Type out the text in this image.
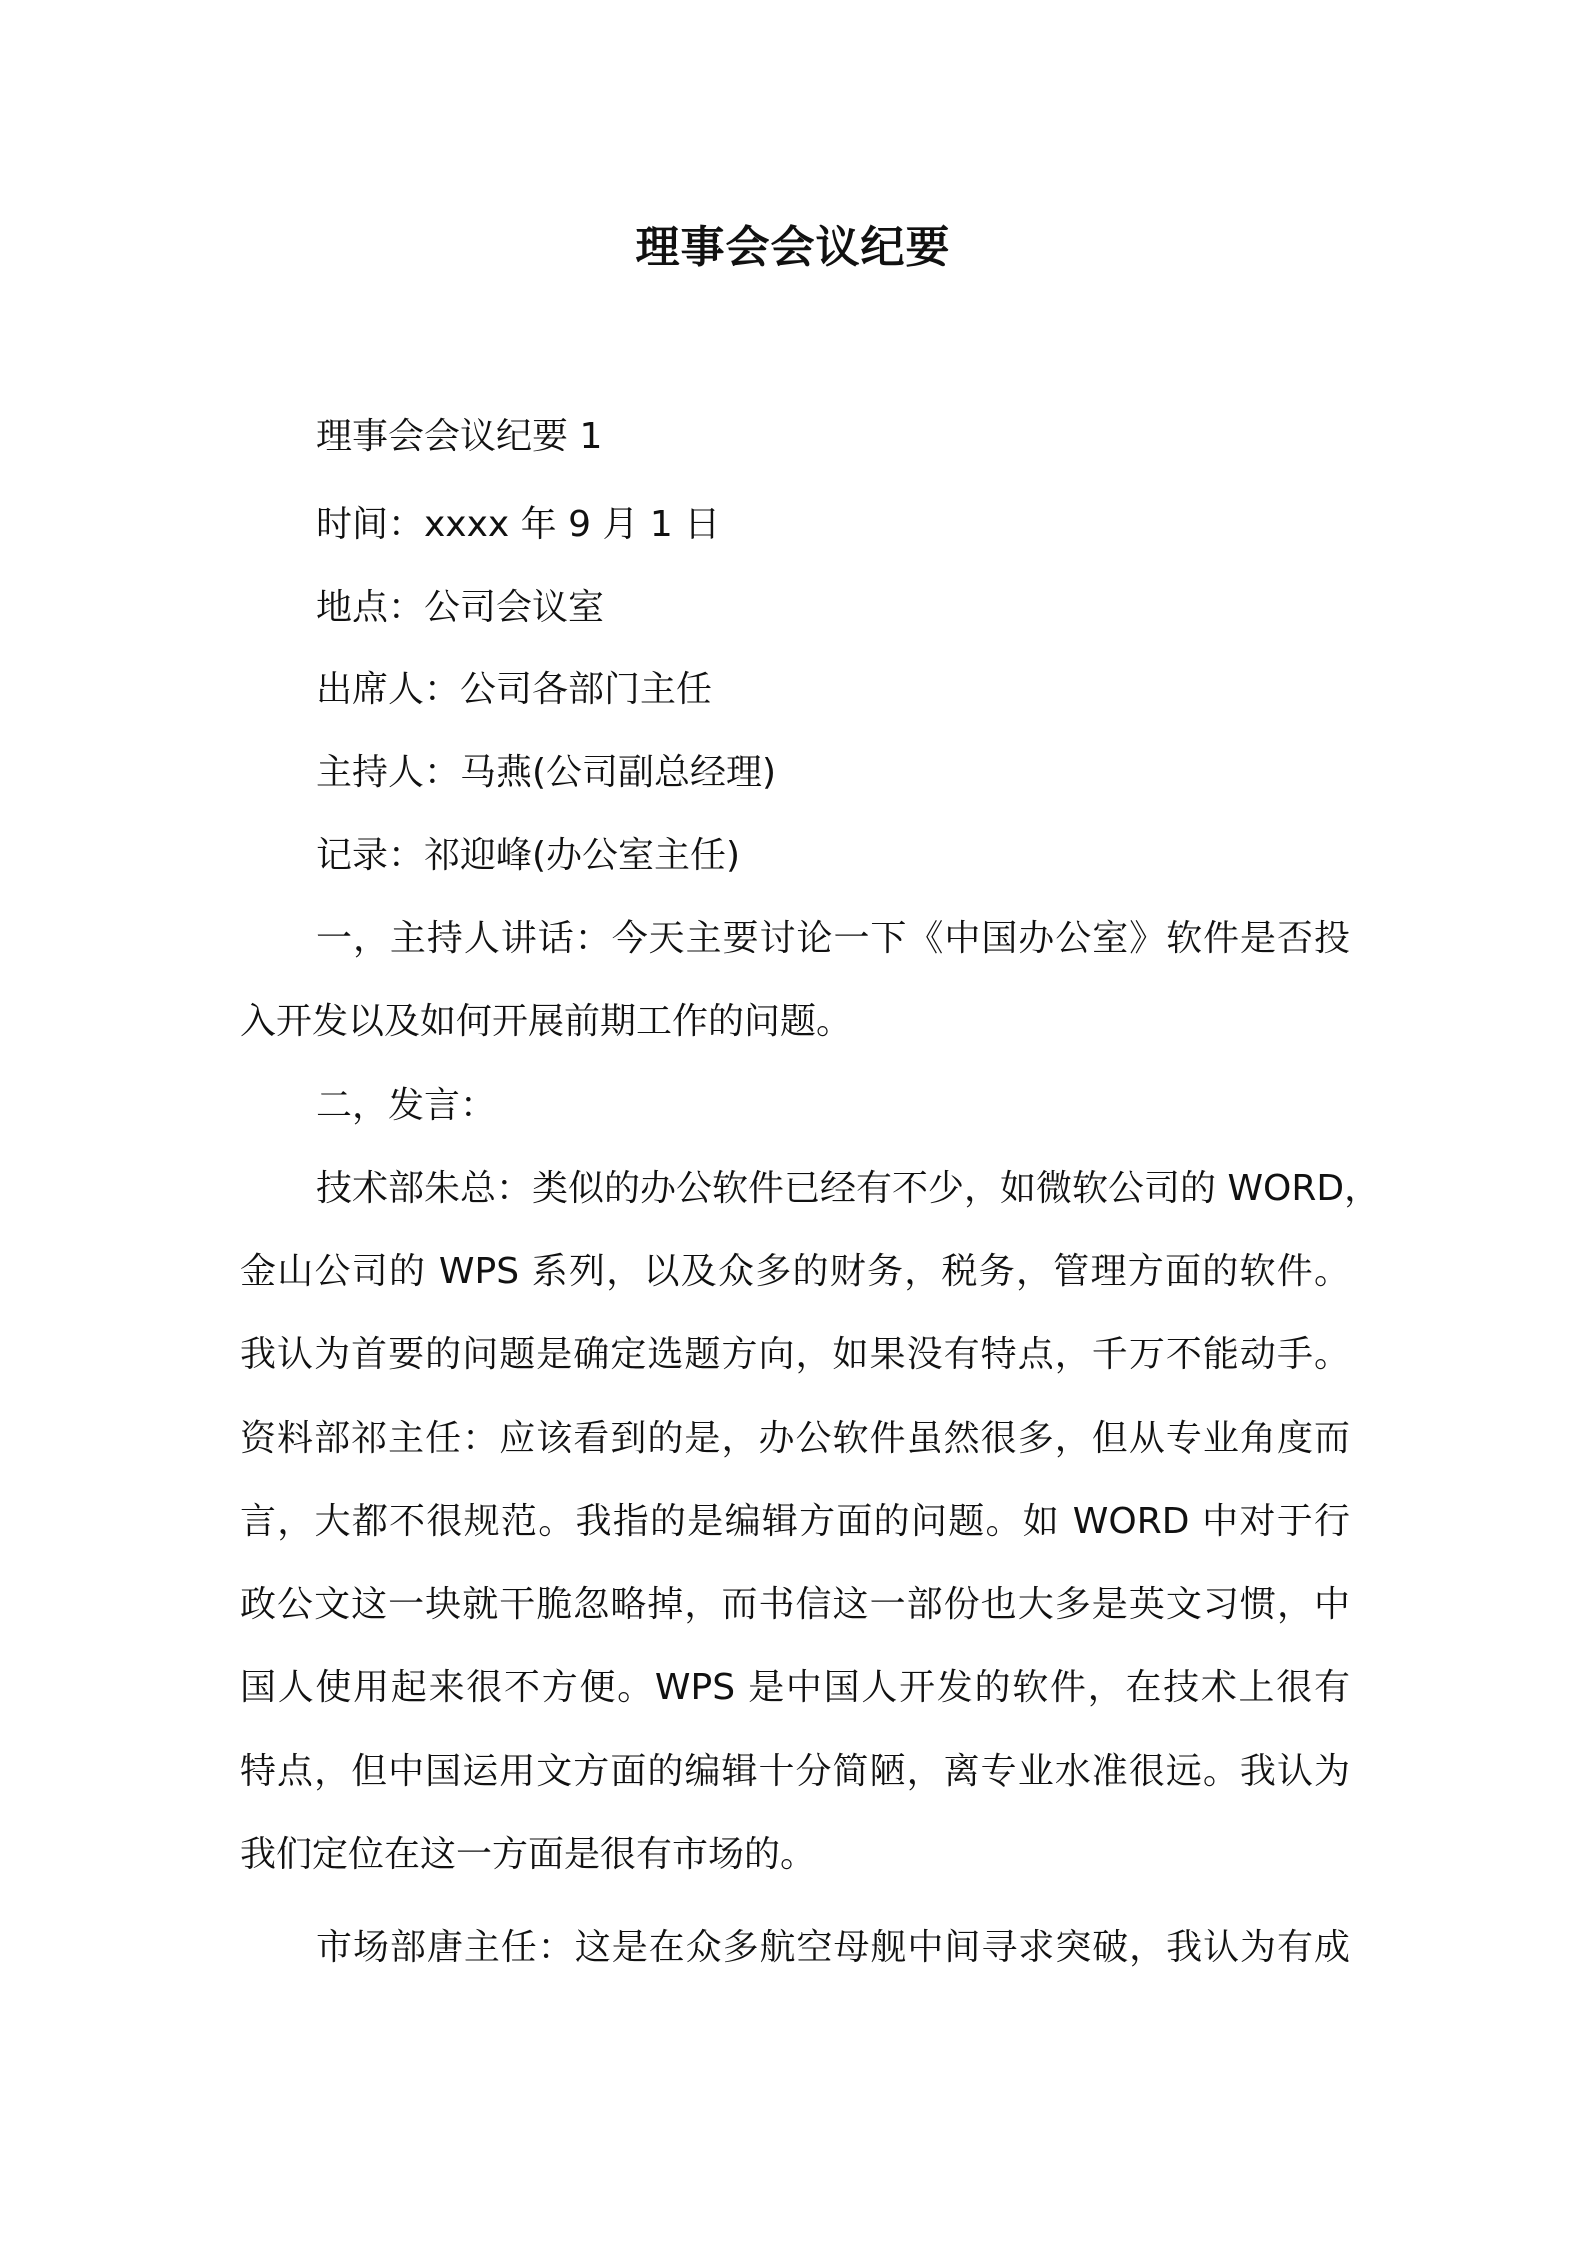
理事会会议纪要
理事会会议纪要 1
时间：xxxx 年 9 月 1 日
地点：公司会议室
出席人：公司各部门主任
主持人：马燕(公司副总经理)
记录：祁迎峰(办公室主任)
一，主持人讲话：今天主要讨论一下《中国办公室》软件是否投
入开发以及如何开展前期工作的问题。
二，发言：
技术部朱总：类似的办公软件已经有不少，如微软公司的 WORD，
金山公司的 WPS 系列，以及众多的财务，税务，管理方面的软件。
我认为首要的问题是确定选题方向，如果没有特点，千万不能动手。
资料部祁主任：应该看到的是，办公软件虽然很多，但从专业角度而
言，大都不很规范。我指的是编辑方面的问题。如 WORD 中对于行
政公文这一块就干脆忽略掉，而书信这一部份也大多是英文习惯，中
国人使用起来很不方便。WPS 是中国人开发的软件，在技术上很有
特点，但中国运用文方面的编辑十分简陋，离专业水准很远。我认为
我们定位在这一方面是很有市场的。
市场部唐主任：这是在众多航空母舰中间寻求突破，我认为有成
